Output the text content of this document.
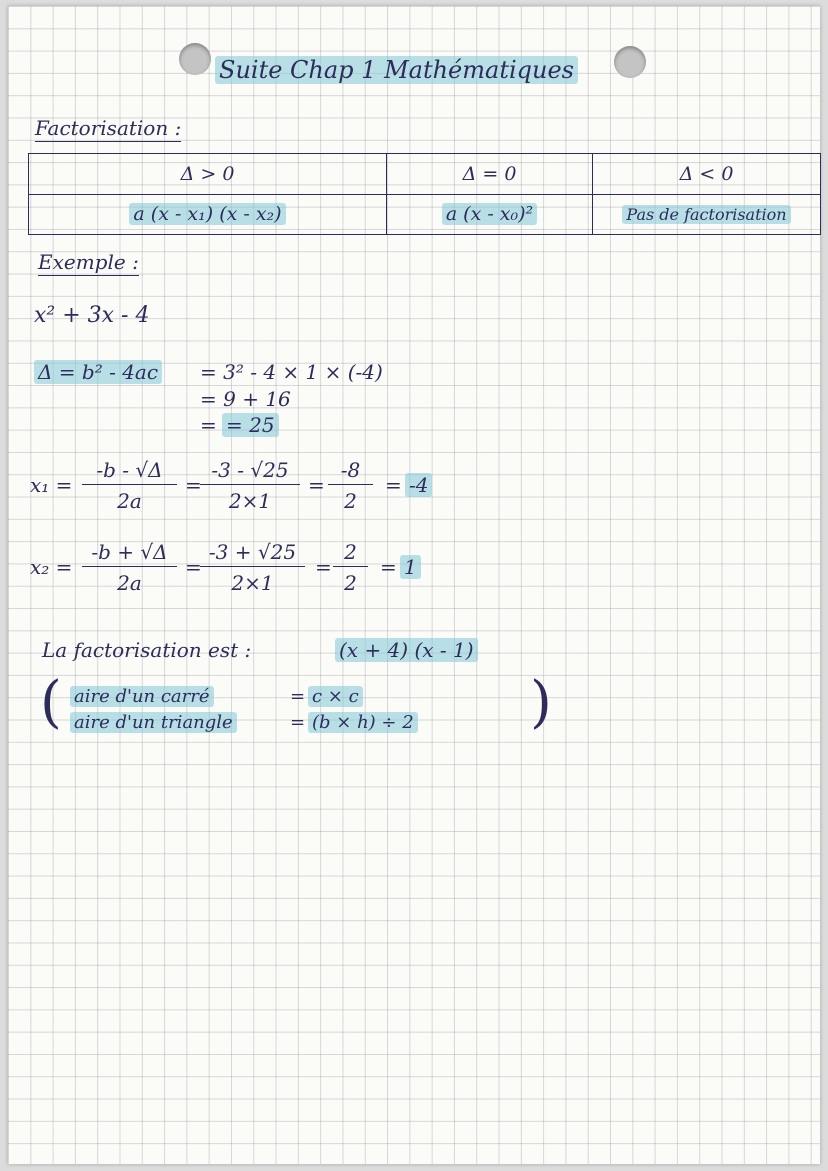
Suite Chap 1 Mathématiques
Factorisation :
Δ > 0	Δ = 0	Δ < 0
a (x - x₁) (x - x₂)	a (x - x₀)²	Pas de factorisation
Exemple :
x² + 3x - 4
Δ = b² - 4ac = 3² - 4 × 1 × (-4)
= 9 + 16
= = 25
$x_1 = \frac{-b - √\Delta}{2a}$ =
$\frac{-3 - √25}{2\times 1} = \frac{-8}{2} = -4$
$x_2 = \frac{-b + √\Delta}{2a}$ =
$\frac{-3 + √25}{2\times 1} = \frac{2}{2} = 1$
La factorisation est :	(x + 4) (x - 1)
( aire d'un carré	= c × c
aire d'un triangle	= (b × h) ÷ 2 )
